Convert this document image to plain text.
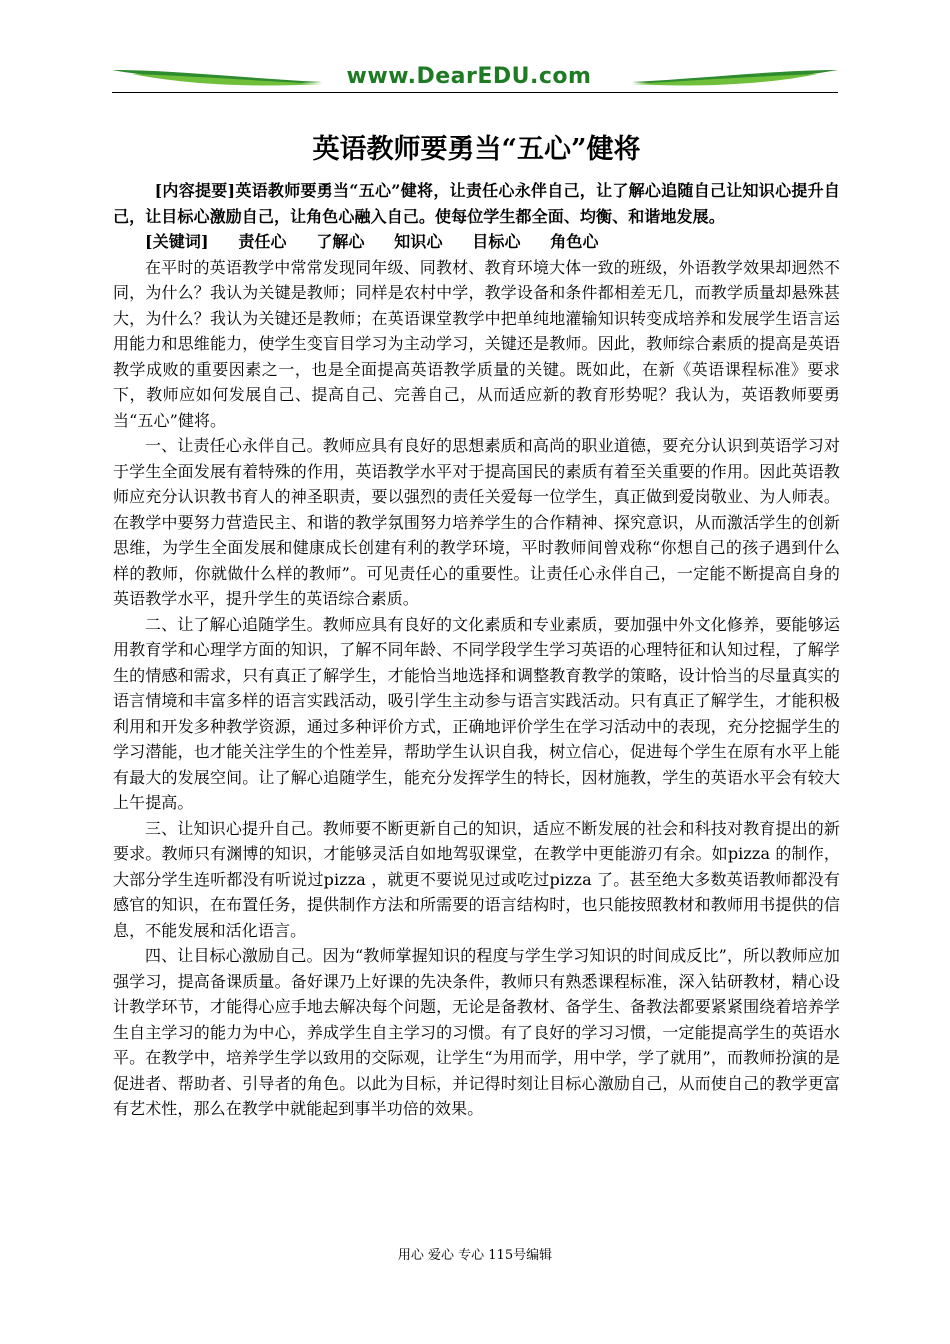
www.DearEDU.com
英语教师要勇当“五心”健将

[内容提要]英语教师要勇当“五心”健将，让责任心永伴自己，让了解心追随自己让知识心提升自己，让目标心激励自己，让角色心融入自己。使每位学生都全面、均衡、和谐地发展。

[关键词] 责任心 了解心 知识心 目标心 角色心

在平时的英语教学中常常发现同年级、同教材、教育环境大体一致的班级，外语教学效果却迥然不同，为什么？我认为关键是教师；同样是农村中学，教学设备和条件都相差无几，而教学质量却悬殊甚大，为什么？我认为关键还是教师；在英语课堂教学中把单纯地灌输知识转变成培养和发展学生语言运用能力和思维能力，使学生变盲目学习为主动学习，关键还是教师。因此，教师综合素质的提高是英语教学成败的重要因素之一，也是全面提高英语教学质量的关键。既如此，在新《英语课程标准》要求下，教师应如何发展自己、提高自己、完善自己，从而适应新的教育形势呢？我认为，英语教师要勇当“五心”健将。

一、让责任心永伴自己。教师应具有良好的思想素质和高尚的职业道德，要充分认识到英语学习对于学生全面发展有着特殊的作用，英语教学水平对于提高国民的素质有着至关重要的作用。因此英语教师应充分认识教书育人的神圣职责，要以强烈的责任关爱每一位学生，真正做到爱岗敬业、为人师表。在教学中要努力营造民主、和谐的教学氛围努力培养学生的合作精神、探究意识，从而激活学生的创新思维，为学生全面发展和健康成长创建有利的教学环境，平时教师间曾戏称“你想自己的孩子遇到什么样的教师，你就做什么样的教师”。可见责任心的重要性。让责任心永伴自己，一定能不断提高自身的英语教学水平，提升学生的英语综合素质。

二、让了解心追随学生。教师应具有良好的文化素质和专业素质，要加强中外文化修养，要能够运用教育学和心理学方面的知识，了解不同年龄、不同学段学生学习英语的心理特征和认知过程，了解学生的情感和需求，只有真正了解学生，才能恰当地选择和调整教育教学的策略，设计恰当的尽量真实的语言情境和丰富多样的语言实践活动，吸引学生主动参与语言实践活动。只有真正了解学生，才能积极利用和开发多种教学资源，通过多种评价方式，正确地评价学生在学习活动中的表现，充分挖掘学生的学习潜能，也才能关注学生的个性差异，帮助学生认识自我，树立信心，促进每个学生在原有水平上能有最大的发展空间。让了解心追随学生，能充分发挥学生的特长，因材施教，学生的英语水平会有较大上午提高。

三、让知识心提升自己。教师要不断更新自己的知识，适应不断发展的社会和科技对教育提出的新要求。教师只有渊博的知识，才能够灵活自如地驾驭课堂，在教学中更能游刃有余。如pizza 的制作，大部分学生连听都没有听说过pizza ，就更不要说见过或吃过pizza 了。甚至绝大多数英语教师都没有感官的知识，在布置任务，提供制作方法和所需要的语言结构时，也只能按照教材和教师用书提供的信息，不能发展和活化语言。

四、让目标心激励自己。因为“教师掌握知识的程度与学生学习知识的时间成反比”，所以教师应加强学习，提高备课质量。备好课乃上好课的先决条件，教师只有熟悉课程标准，深入钻研教材，精心设计教学环节，才能得心应手地去解决每个问题，无论是备教材、备学生、备教法都要紧紧围绕着培养学生自主学习的能力为中心，养成学生自主学习的习惯。有了良好的学习习惯，一定能提高学生的英语水平。在教学中，培养学生学以致用的交际观，让学生“为用而学，用中学，学了就用”，而教师扮演的是促进者、帮助者、引导者的角色。以此为目标，并记得时刻让目标心激励自己，从而使自己的教学更富有艺术性，那么在教学中就能起到事半功倍的效果。

用心 爱心 专心 115号编辑
